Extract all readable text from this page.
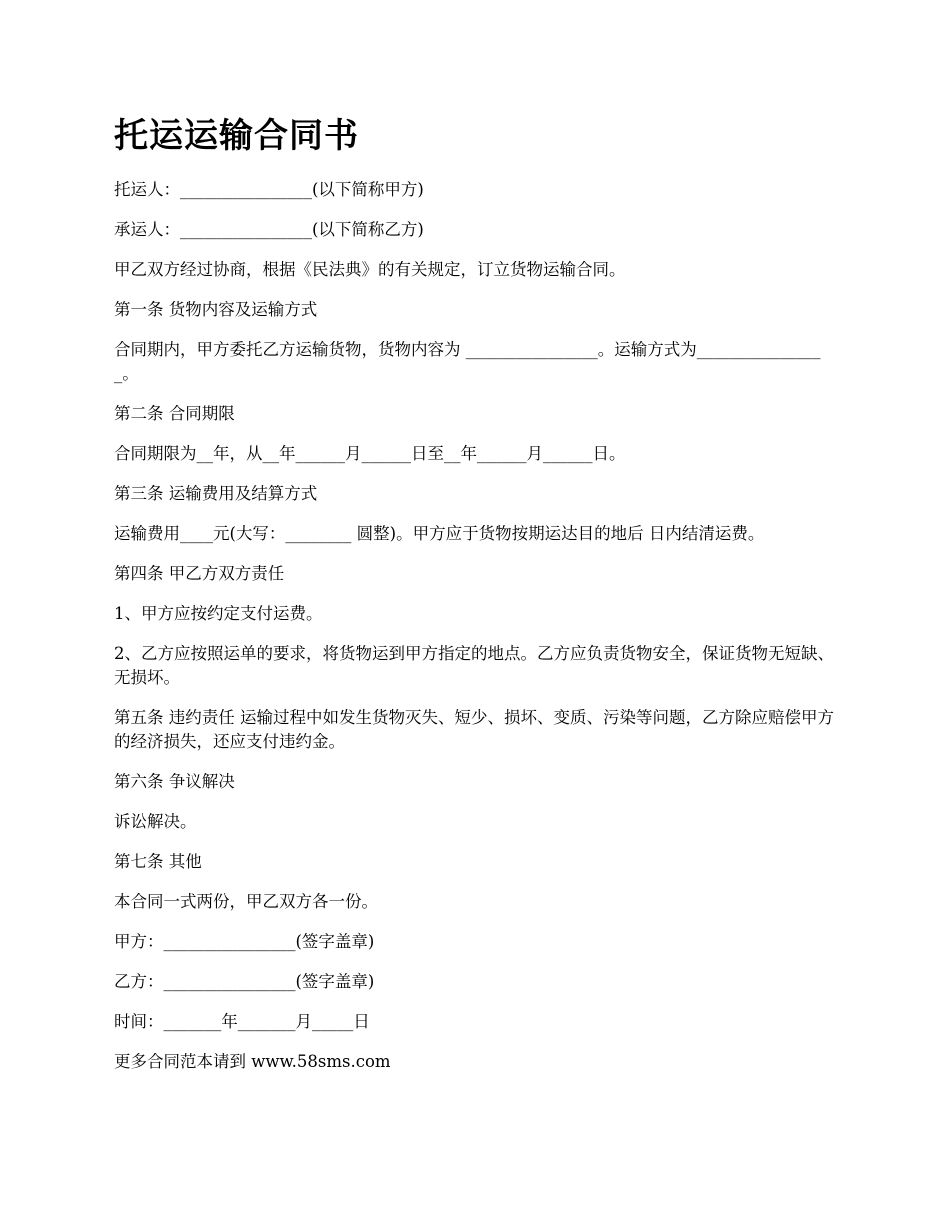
托运运输合同书

托运人：________________(以下简称甲方)

承运人：________________(以下简称乙方)

甲乙双方经过协商，根据《民法典》的有关规定，订立货物运输合同。

第一条 货物内容及运输方式

合同期内，甲方委托乙方运输货物，货物内容为 ________________。运输方式为________________。

第二条 合同期限

合同期限为__年，从__年______月______日至__年______月______日。

第三条 运输费用及结算方式

运输费用____元(大写：________ 圆整)。甲方应于货物按期运达目的地后 日内结清运费。

第四条 甲乙方双方责任

1、甲方应按约定支付运费。

2、乙方应按照运单的要求，将货物运到甲方指定的地点。乙方应负责货物安全，保证货物无短缺、无损坏。

第五条 违约责任 运输过程中如发生货物灭失、短少、损坏、变质、污染等问题，乙方除应赔偿甲方的经济损失，还应支付违约金。

第六条 争议解决

诉讼解决。

第七条 其他

本合同一式两份，甲乙双方各一份。

甲方：________________(签字盖章)

乙方：________________(签字盖章)

时间：_______年_______月_____日

更多合同范本请到 www.58sms.com
